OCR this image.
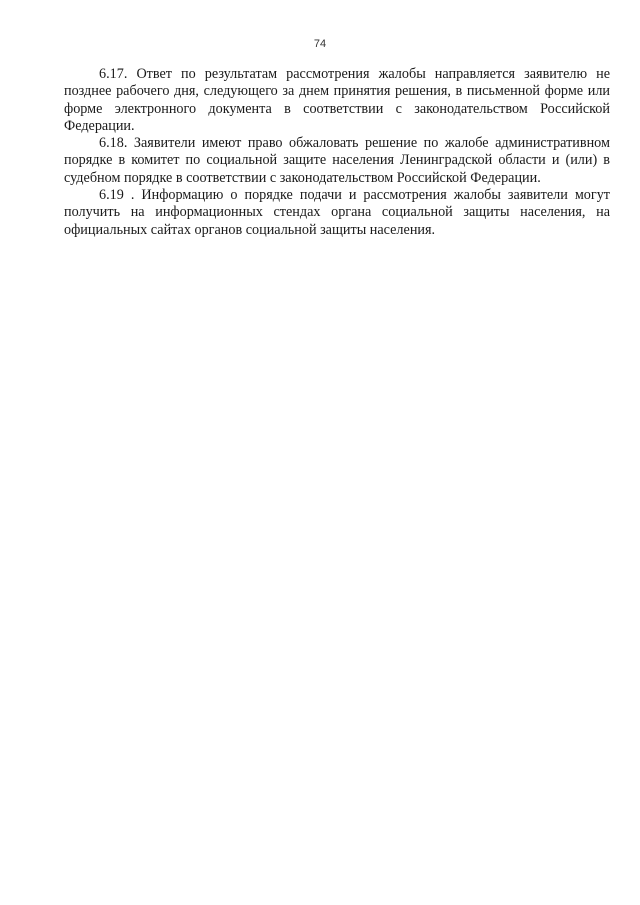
74

6.17. Ответ по результатам рассмотрения жалобы направляется заявителю не позднее рабочего дня, следующего за днем принятия решения, в письменной форме или форме электронного документа в соответствии с законодательством Российской Федерации.

6.18. Заявители имеют право обжаловать решение по жалобе административном порядке в комитет по социальной защите населения Ленинградской области и (или) в судебном порядке в соответствии с законодательством Российской Федерации.

6.19 . Информацию о порядке подачи и рассмотрения жалобы заявители могут получить на информационных стендах органа социальной защиты населения, на официальных сайтах органов социальной защиты населения.
